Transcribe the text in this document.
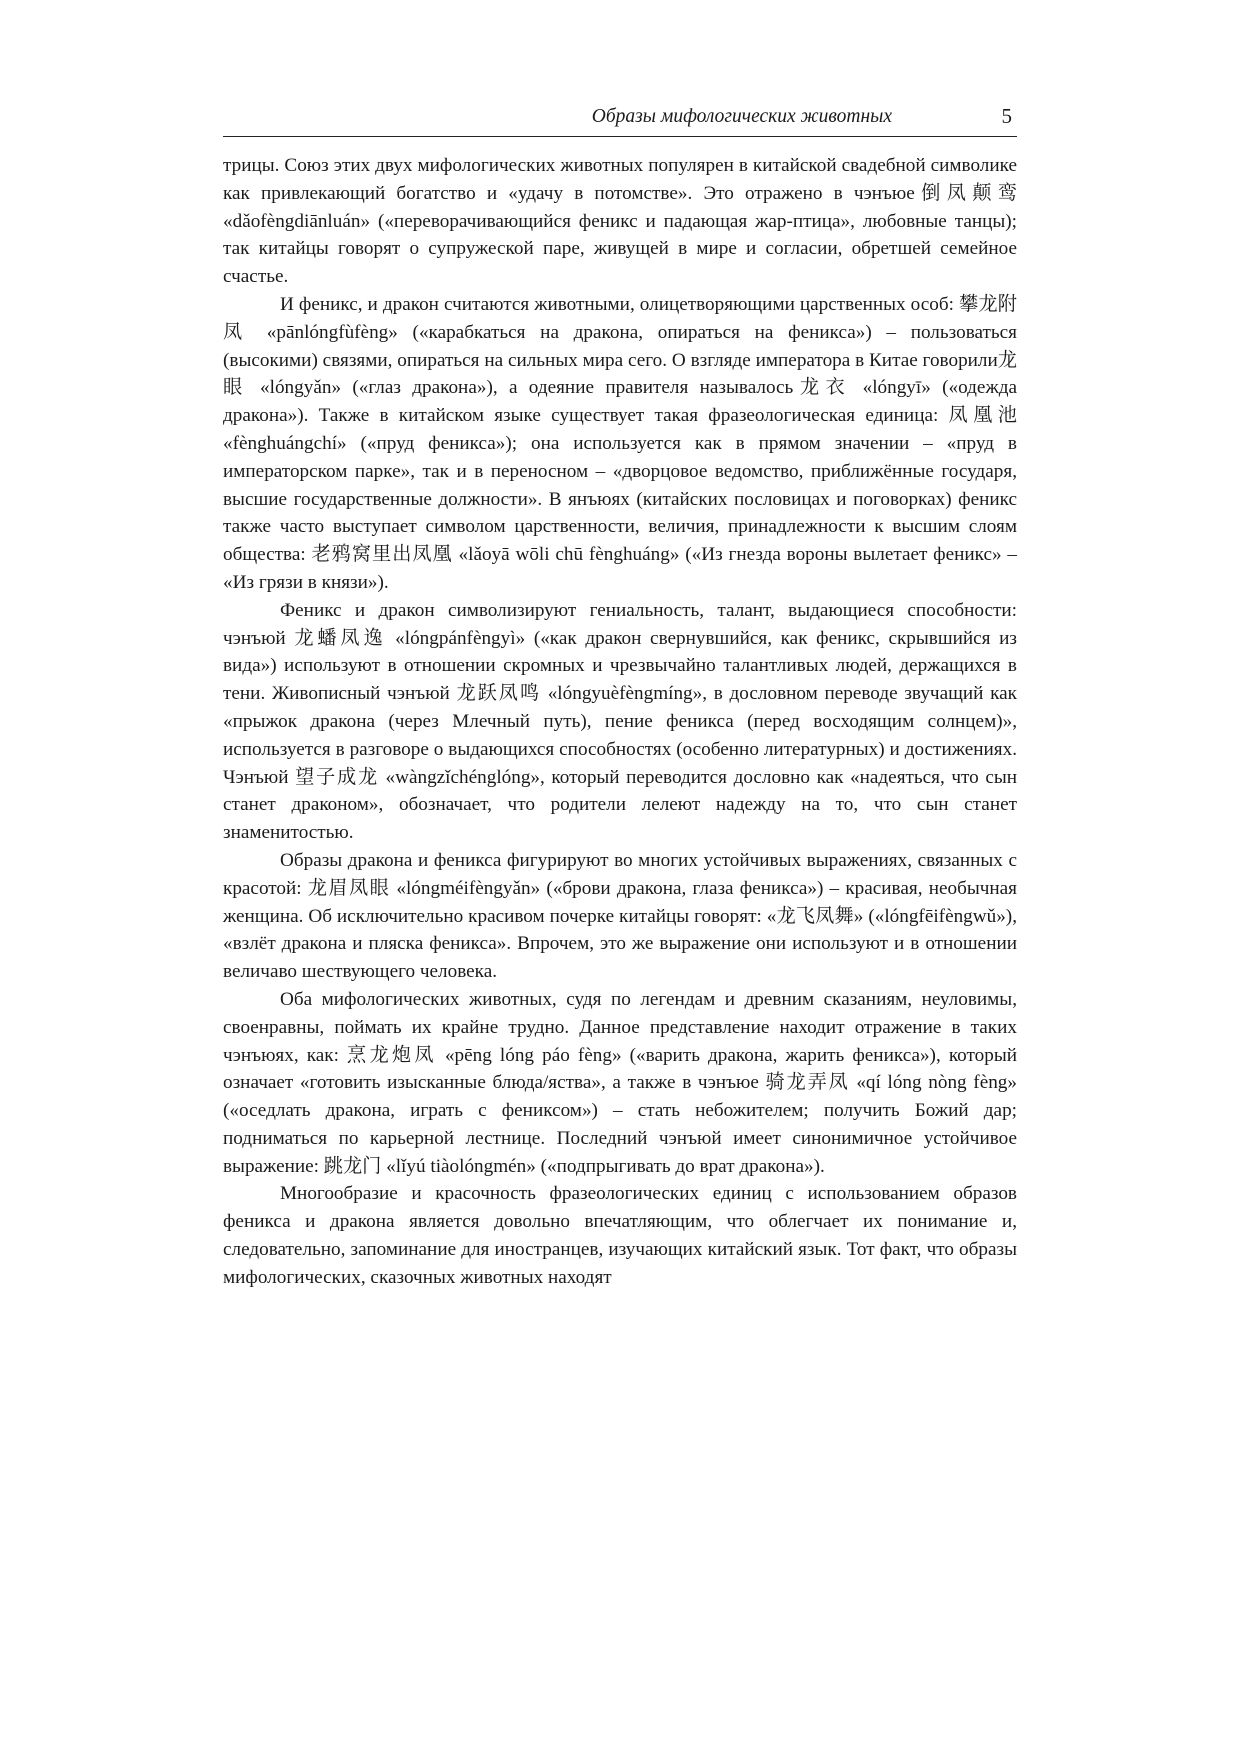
Образы мифологических животных	5

трицы. Союз этих двух мифологических животных популярен в китайской свадебной символике как привлекающий богатство и «удачу в потомстве». Это отражено в чэнъюе倒凤颠鸾 «dǎofèngdiānluán» («переворачивающийся феникс и падающая жар-птица», любовные танцы); так китайцы говорят о супружеской паре, живущей в мире и согласии, обретшей семейное счастье.

И феникс, и дракон считаются животными, олицетворяющими царственных особ: 攀龙附凤 «pānlóngfùfèng» («карабкаться на дракона, опираться на феникса») – пользоваться (высокими) связями, опираться на сильных мира сего. О взгляде императора в Китае говорили龙眼 «lóngyǎn» («глаз дракона»), а одеяние правителя называлось龙衣 «lóngyī» («одежда дракона»). Также в китайском языке существует такая фразеологическая единица: 凤凰池 «fènghuángchí» («пруд феникса»); она используется как в прямом значении – «пруд в императорском парке», так и в переносном – «дворцовое ведомство, приближённые государя, высшие государственные должности». В янъюях (китайских пословицах и поговорках) феникс также часто выступает символом царственности, величия, принадлежности к высшим слоям общества: 老鸦窝里出凤凰 «lǎoyā wōli chū fènghuáng» («Из гнезда вороны вылетает феникс» – «Из грязи в князи»).

Феникс и дракон символизируют гениальность, талант, выдающиеся способности: чэнъюй 龙蟠凤逸 «lóngpánfèngyì» («как дракон свернувшийся, как феникс, скрывшийся из вида») используют в отношении скромных и чрезвычайно талантливых людей, держащихся в тени. Живописный чэнъюй 龙跃凤鸣 «lóngyuèfèngmíng», в дословном переводе звучащий как «прыжок дракона (через Млечный путь), пение феникса (перед восходящим солнцем)», используется в разговоре о выдающихся способностях (особенно литературных) и достижениях. Чэнъюй 望子成龙 «wàngzǐchénglóng», который переводится дословно как «надеяться, что сын станет драконом», обозначает, что родители лелеют надежду на то, что сын станет знаменитостью.

Образы дракона и феникса фигурируют во многих устойчивых выражениях, связанных с красотой: 龙眉凤眼 «lóngméifèngyǎn» («брови дракона, глаза феникса») – красивая, необычная женщина. Об исключительно красивом почерке китайцы говорят: «龙飞凤舞» («lóngfēifèngwǔ»), «взлёт дракона и пляска феникса». Впрочем, это же выражение они используют и в отношении величаво шествующего человека.

Оба мифологических животных, судя по легендам и древним сказаниям, неуловимы, своенравны, поймать их крайне трудно. Данное представление находит отражение в таких чэнъюях, как: 烹龙炮凤 «pēng lóng páo fèng» («варить дракона, жарить феникса»), который означает «готовить изысканные блюда/яства», а также в чэнъюе 骑龙弄凤 «qí lóng nòng fèng» («оседлать дракона, играть с фениксом») – стать небожителем; получить Божий дар; подниматься по карьерной лестнице. Последний чэнъюй имеет синонимичное устойчивое выражение: 跳龙门 «lǐyú tiàolóngmén» («подпрыгивать до врат дракона»).

Многообразие и красочность фразеологических единиц с использованием образов феникса и дракона является довольно впечатляющим, что облегчает их понимание и, следовательно, запоминание для иностранцев, изучающих китайский язык. Тот факт, что образы мифологических, сказочных животных находят
